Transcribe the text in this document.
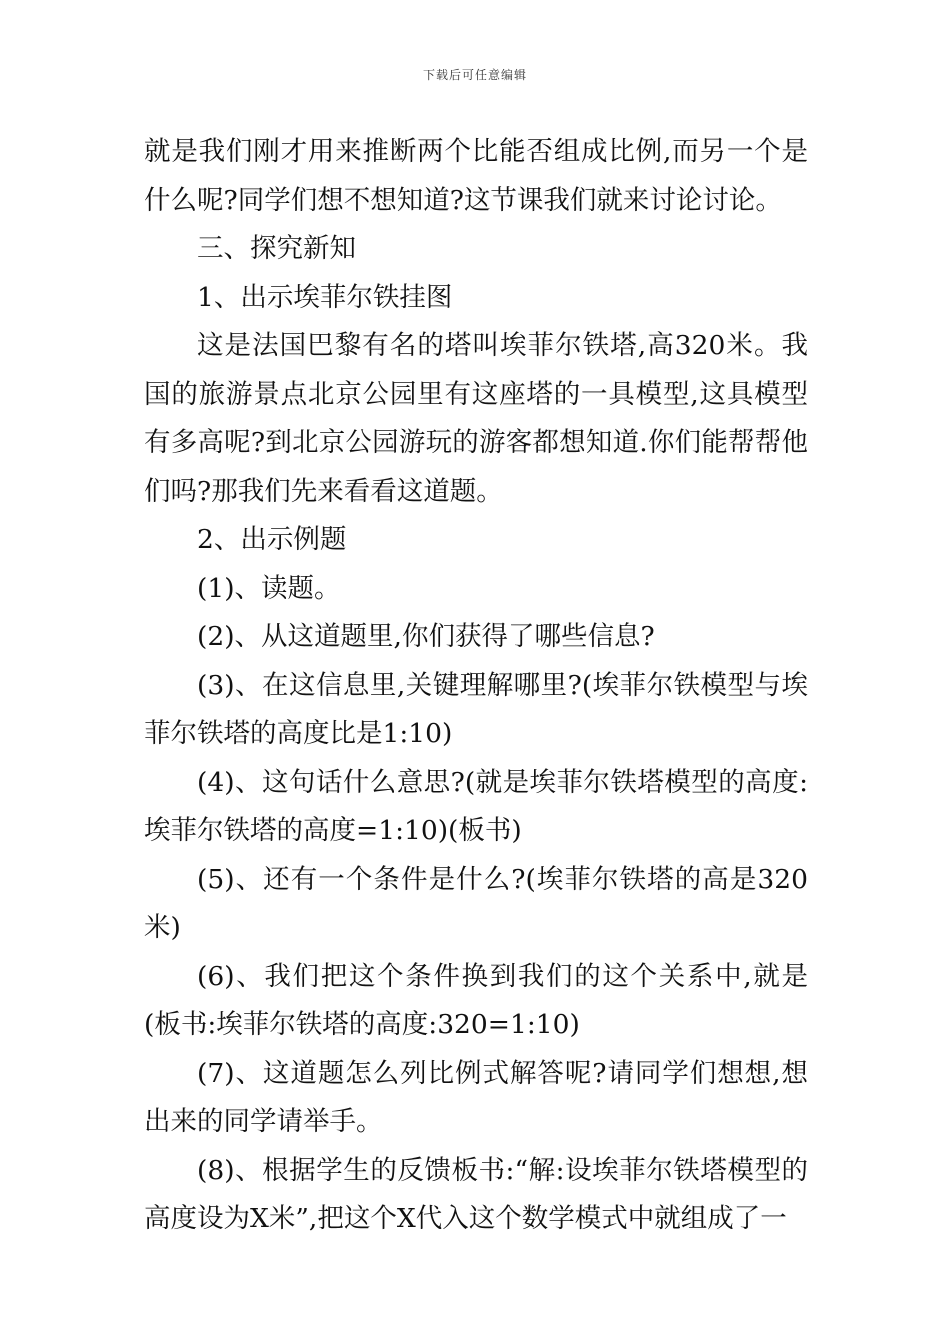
下载后可任意编辑

就是我们刚才用来推断两个比能否组成比例,而另一个是什么呢?同学们想不想知道?这节课我们就来讨论讨论。

三、探究新知

1、出示埃菲尔铁挂图

这是法国巴黎有名的塔叫埃菲尔铁塔,高320米。我国的旅游景点北京公园里有这座塔的一具模型,这具模型有多高呢?到北京公园游玩的游客都想知道.你们能帮帮他们吗?那我们先来看看这道题。

2、出示例题

(1)、读题。

(2)、从这道题里,你们获得了哪些信息?

(3)、在这信息里,关键理解哪里?(埃菲尔铁模型与埃菲尔铁塔的高度比是1:10)

(4)、这句话什么意思?(就是埃菲尔铁塔模型的高度:埃菲尔铁塔的高度=1:10)(板书)

(5)、还有一个条件是什么?(埃菲尔铁塔的高是320米)

(6)、我们把这个条件换到我们的这个关系中,就是(板书:埃菲尔铁塔的高度:320=1:10)

(7)、这道题怎么列比例式解答呢?请同学们想想,想出来的同学请举手。

(8)、根据学生的反馈板书:“解:设埃菲尔铁塔模型的高度设为X米”,把这个X代入这个数学模式中就组成了一
